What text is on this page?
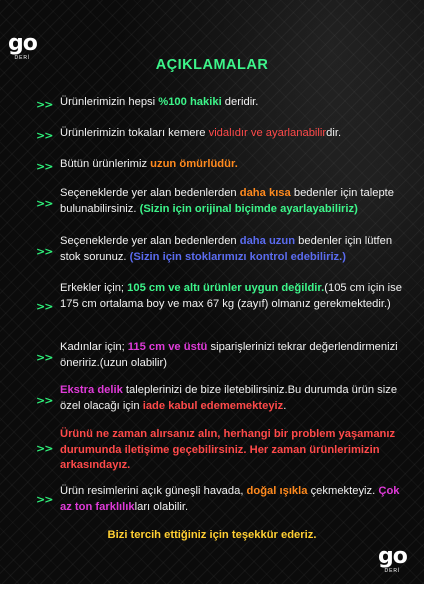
go
DERİ	AÇIKLAMALAR
>> Ürünlerimizin hepsi %100 hakiki deridir.
>> Ürünlerimizin tokaları kemere vidalıdır ve ayarlanabilirdir.
>> Bütün ürünlerimiz uzun ömürlüdür.
>>
Seçeneklerde yer alan bedenlerden daha kısa bedenler için talepte bulunabilirsiniz. (Sizin için orijinal biçimde ayarlayabiliriz)
>>
Seçeneklerde yer alan bedenlerden daha uzun bedenler için lütfen stok sorunuz. (Sizin için stoklarımızı kontrol edebiliriz.)
>>
Erkekler için; 105 cm ve altı ürünler uygun değildir.(105 cm için ise 175 cm ortalama boy ve max 67 kg (zayıf) olmanız gerekmektedir.)
>>
Kadınlar için; 115 cm ve üstü siparişlerinizi tekrar değerlendirmenizi öneririz.(uzun olabilir)
>>
Ekstra delik taleplerinizi de bize iletebilirsiniz.Bu durumda ürün size özel olacağı için iade kabul edememekteyiz.
>>
Ürünü ne zaman alırsanız alın, herhangi bir problem yaşamanız durumunda iletişime geçebilirsiniz. Her zaman ürünlerimizin arkasındayız.
>>
Ürün resimlerini açık güneşli havada, doğal ışıkla çekmekteyiz. Çok az ton farklılıkları olabilir.
Bizi tercih ettiğiniz için teşekkür ederiz.
go
DERİ
